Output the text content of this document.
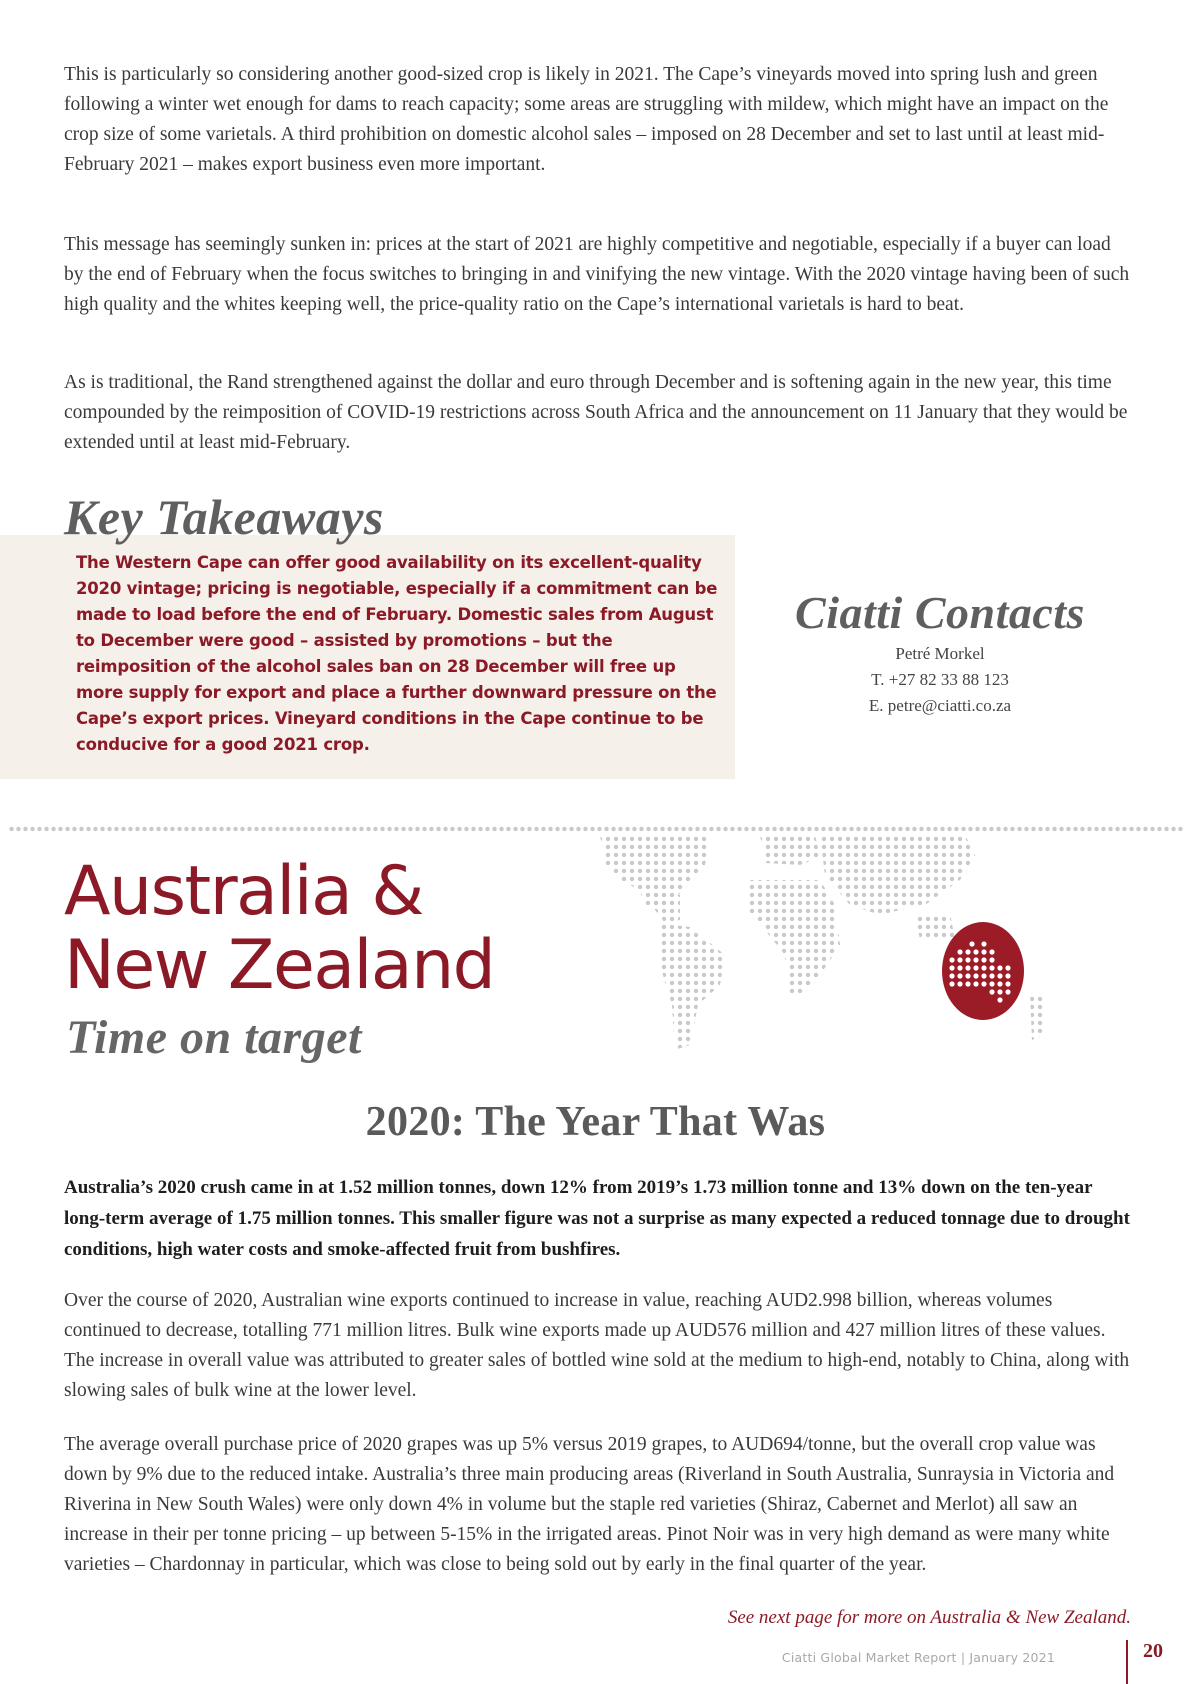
This is particularly so considering another good-sized crop is likely in 2021. The Cape’s vineyards moved into spring lush and green following a winter wet enough for dams to reach capacity; some areas are struggling with mildew, which might have an impact on the crop size of some varietals. A third prohibition on domestic alcohol sales – imposed on 28 December and set to last until at least mid-February 2021 – makes export business even more important.

This message has seemingly sunken in: prices at the start of 2021 are highly competitive and negotiable, especially if a buyer can load by the end of February when the focus switches to bringing in and vinifying the new vintage. With the 2020 vintage having been of such high quality and the whites keeping well, the price-quality ratio on the Cape’s international varietals is hard to beat.

As is traditional, the Rand strengthened against the dollar and euro through December and is softening again in the new year, this time compounded by the reimposition of COVID-19 restrictions across South Africa and the announcement on 11 January that they would be extended until at least mid-February.

Key Takeaways

The Western Cape can offer good availability on its excellent-quality 2020 vintage; pricing is negotiable, especially if a commitment can be made to load before the end of February. Domestic sales from August to December were good – assisted by promotions – but the reimposition of the alcohol sales ban on 28 December will free up more supply for export and place a further downward pressure on the Cape’s export prices. Vineyard conditions in the Cape continue to be conducive for a good 2021 crop.

Ciatti Contacts

Petré Morkel

T. +27 82 33 88 123

E. petre@ciatti.co.za

Australia &
New Zealand
Time on target
2020: The Year That Was

Australia’s 2020 crush came in at 1.52 million tonnes, down 12% from 2019’s 1.73 million tonne and 13% down on the ten-year long-term average of 1.75 million tonnes. This smaller figure was not a surprise as many expected a reduced tonnage due to drought conditions, high water costs and smoke-affected fruit from bushfires.

Over the course of 2020, Australian wine exports continued to increase in value, reaching AUD2.998 billion, whereas volumes continued to decrease, totalling 771 million litres. Bulk wine exports made up AUD576 million and 427 million litres of these values. The increase in overall value was attributed to greater sales of bottled wine sold at the medium to high-end, notably to China, along with slowing sales of bulk wine at the lower level.

The average overall purchase price of 2020 grapes was up 5% versus 2019 grapes, to AUD694/tonne, but the overall crop value was down by 9% due to the reduced intake. Australia’s three main producing areas (Riverland in South Australia, Sunraysia in Victoria and Riverina in New South Wales) were only down 4% in volume but the staple red varieties (Shiraz, Cabernet and Merlot) all saw an increase in their per tonne pricing – up between 5-15% in the irrigated areas. Pinot Noir was in very high demand as were many white varieties – Chardonnay in particular, which was close to being sold out by early in the final quarter of the year.

See next page for more on Australia & New Zealand.

Ciatti Global Market Report | January 2021	20
